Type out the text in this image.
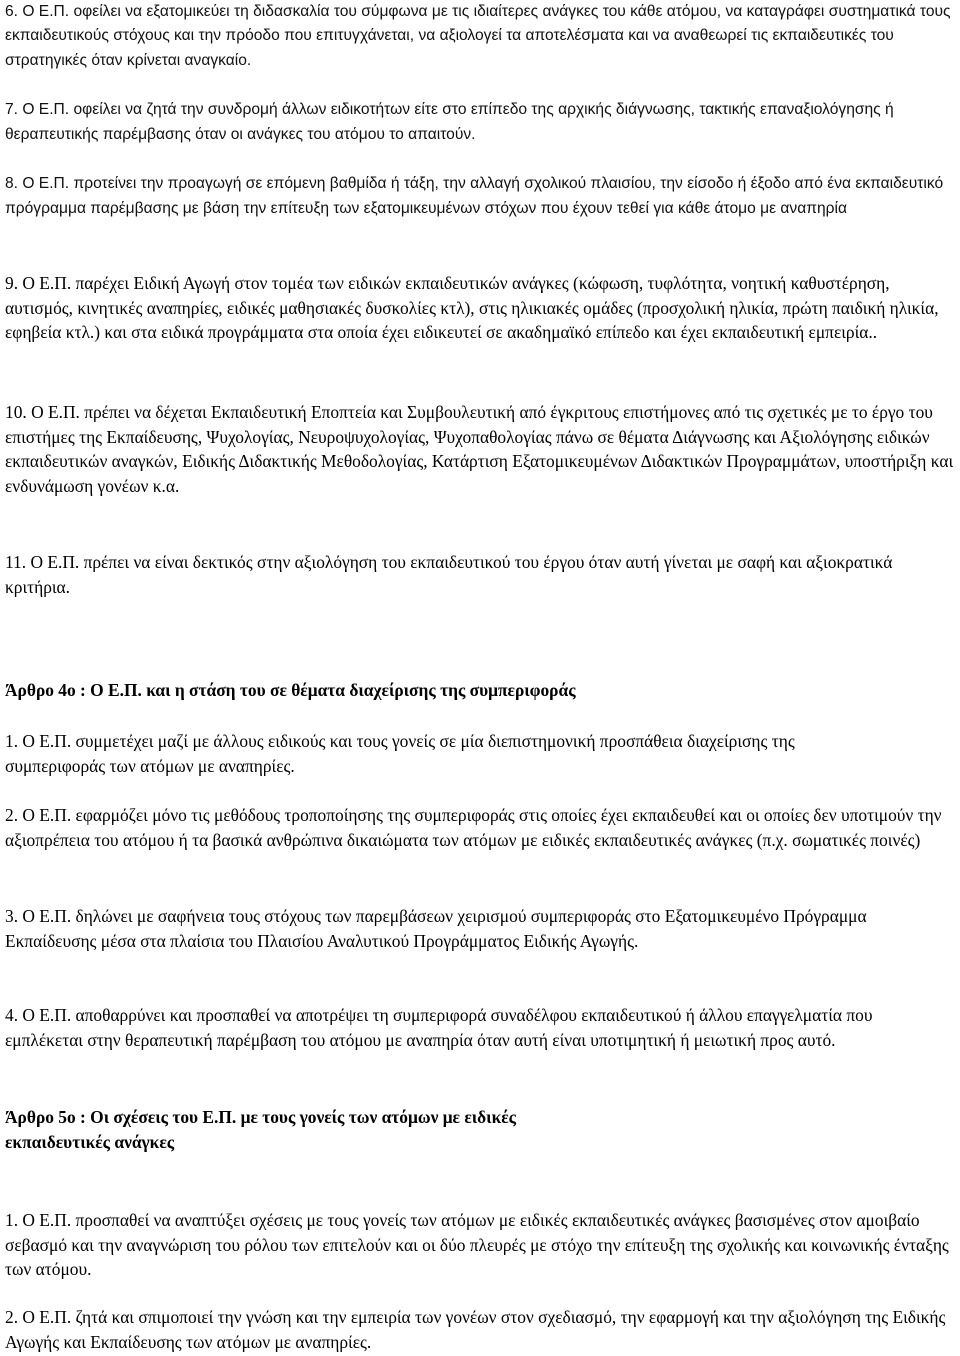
6. Ο Ε.Π. οφείλει να εξατομικεύει τη διδασκαλία του σύμφωνα με τις ιδιαίτερες ανάγκες του κάθε ατόμου, να καταγράφει συστηματικά τους εκπαιδευτικούς στόχους και την πρόοδο που επιτυγχάνεται, να αξιολογεί τα αποτελέσματα και να αναθεωρεί τις εκπαιδευτικές του στρατηγικές όταν κρίνεται αναγκαίο.

7. Ο Ε.Π. οφείλει να ζητά την συνδρομή άλλων ειδικοτήτων είτε στο επίπεδο της αρχικής διάγνωσης, τακτικής επαναξιολόγησης ή θεραπευτικής παρέμβασης όταν οι ανάγκες του ατόμου το απαιτούν.

8. Ο Ε.Π. προτείνει την προαγωγή σε επόμενη βαθμίδα ή τάξη, την αλλαγή σχολικού πλαισίου, την είσοδο ή έξοδο από ένα εκπαιδευτικό πρόγραμμα παρέμβασης με βάση την επίτευξη των εξατομικευμένων στόχων που έχουν τεθεί για κάθε άτομο με αναπηρία

9. Ο Ε.Π. παρέχει Ειδική Αγωγή στον τομέα των ειδικών εκπαιδευτικών ανάγκες (κώφωση, τυφλότητα, νοητική καθυστέρηση, αυτισμός, κινητικές αναπηρίες, ειδικές μαθησιακές δυσκολίες κτλ), στις ηλικιακές ομάδες (προσχολική ηλικία, πρώτη παιδική ηλικία, εφηβεία κτλ.) και στα ειδικά προγράμματα στα οποία έχει ειδικευτεί σε ακαδημαϊκό επίπεδο και έχει εκπαιδευτική εμπειρία..

10. Ο Ε.Π. πρέπει να δέχεται Εκπαιδευτική Εποπτεία και Συμβουλευτική από έγκριτους επιστήμονες από τις σχετικές με το έργο του επιστήμες της Εκπαίδευσης, Ψυχολογίας, Νευροψυχολογίας, Ψυχοπαθολογίας πάνω σε θέματα Διάγνωσης και Αξιολόγησης ειδικών εκπαιδευτικών αναγκών, Ειδικής Διδακτικής Μεθοδολογίας, Κατάρτιση Εξατομικευμένων Διδακτικών Προγραμμάτων, υποστήριξη και ενδυνάμωση γονέων κ.α.

11. Ο Ε.Π. πρέπει να είναι δεκτικός στην αξιολόγηση του εκπαιδευτικού του έργου όταν αυτή γίνεται με σαφή και αξιοκρατικά κριτήρια.

Άρθρο 4ο : Ο Ε.Π. και η στάση του σε θέματα διαχείρισης της συμπεριφοράς

1. Ο Ε.Π. συμμετέχει μαζί με άλλους ειδικούς και τους γονείς σε μία διεπιστημονική προσπάθεια διαχείρισης της συμπεριφοράς των ατόμων με αναπηρίες.

2. Ο Ε.Π. εφαρμόζει μόνο τις μεθόδους τροποποίησης της συμπεριφοράς στις οποίες έχει εκπαιδευθεί και οι οποίες δεν υποτιμούν την αξιοπρέπεια του ατόμου ή τα βασικά ανθρώπινα δικαιώματα των ατόμων με ειδικές εκπαιδευτικές ανάγκες (π.χ. σωματικές ποινές)

3. Ο Ε.Π. δηλώνει με σαφήνεια τους στόχους των παρεμβάσεων χειρισμού συμπεριφοράς στο Εξατομικευμένο Πρόγραμμα Εκπαίδευσης μέσα στα πλαίσια του Πλαισίου Αναλυτικού Προγράμματος Ειδικής Αγωγής.

4. Ο Ε.Π. αποθαρρύνει και προσπαθεί να αποτρέψει τη συμπεριφορά συναδέλφου εκπαιδευτικού ή άλλου επαγγελματία που εμπλέκεται στην θεραπευτική παρέμβαση του ατόμου με αναπηρία όταν αυτή είναι υποτιμητική ή μειωτική προς αυτό.

Άρθρο 5ο : Οι σχέσεις του Ε.Π. με τους γονείς των ατόμων με ειδικές

εκπαιδευτικές ανάγκες

1. Ο Ε.Π. προσπαθεί να αναπτύξει σχέσεις με τους γονείς των ατόμων με ειδικές εκπαιδευτικές ανάγκες βασισμένες στον αμοιβαίο σεβασμό και την αναγνώριση του ρόλου των επιτελούν και οι δύο πλευρές με στόχο την επίτευξη της σχολικής και κοινωνικής ένταξης των ατόμου.

2. Ο Ε.Π. ζητά και σπιμοποιεί την γνώση και την εμπειρία των γονέων στον σχεδιασμό, την εφαρμογή και την αξιολόγηση της Ειδικής Αγωγής και Εκπαίδευσης των ατόμων με αναπηρίες.
